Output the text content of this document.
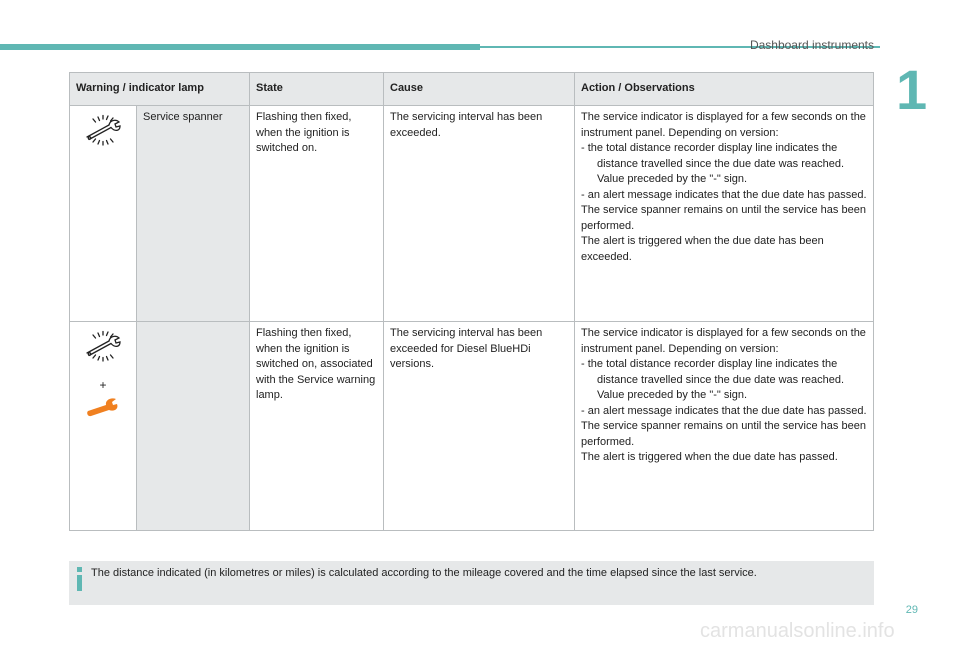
Dashboard instruments
1
Warning / indicator lamp		State	Cause	Action / Observations
	Service spanner	Flashing then fixed, when the ignition is switched on.	The servicing interval has been exceeded.	The service indicator is displayed for a few seconds on the instrument panel. Depending on version:
- the total distance recorder display line indicates the distance travelled since the due date was reached. Value preceded by the "-" sign.
- an alert message indicates that the due date has passed.
The service spanner remains on until the service has been performed.
The alert is triggered when the due date has been exceeded.

+		Flashing then fixed, when the ignition is switched on, associated with the Service warning lamp.	The servicing interval has been exceeded for Diesel BlueHDi versions.	The service indicator is displayed for a few seconds on the instrument panel. Depending on version:
- the total distance recorder display line indicates the distance travelled since the due date was reached. Value preceded by the "-" sign.
- an alert message indicates that the due date has passed.
The service spanner remains on until the service has been performed.
The alert is triggered when the due date has passed.
The distance indicated (in kilometres or miles) is calculated according to the mileage covered and the time elapsed since the last service.
29
carmanualsonline.info
